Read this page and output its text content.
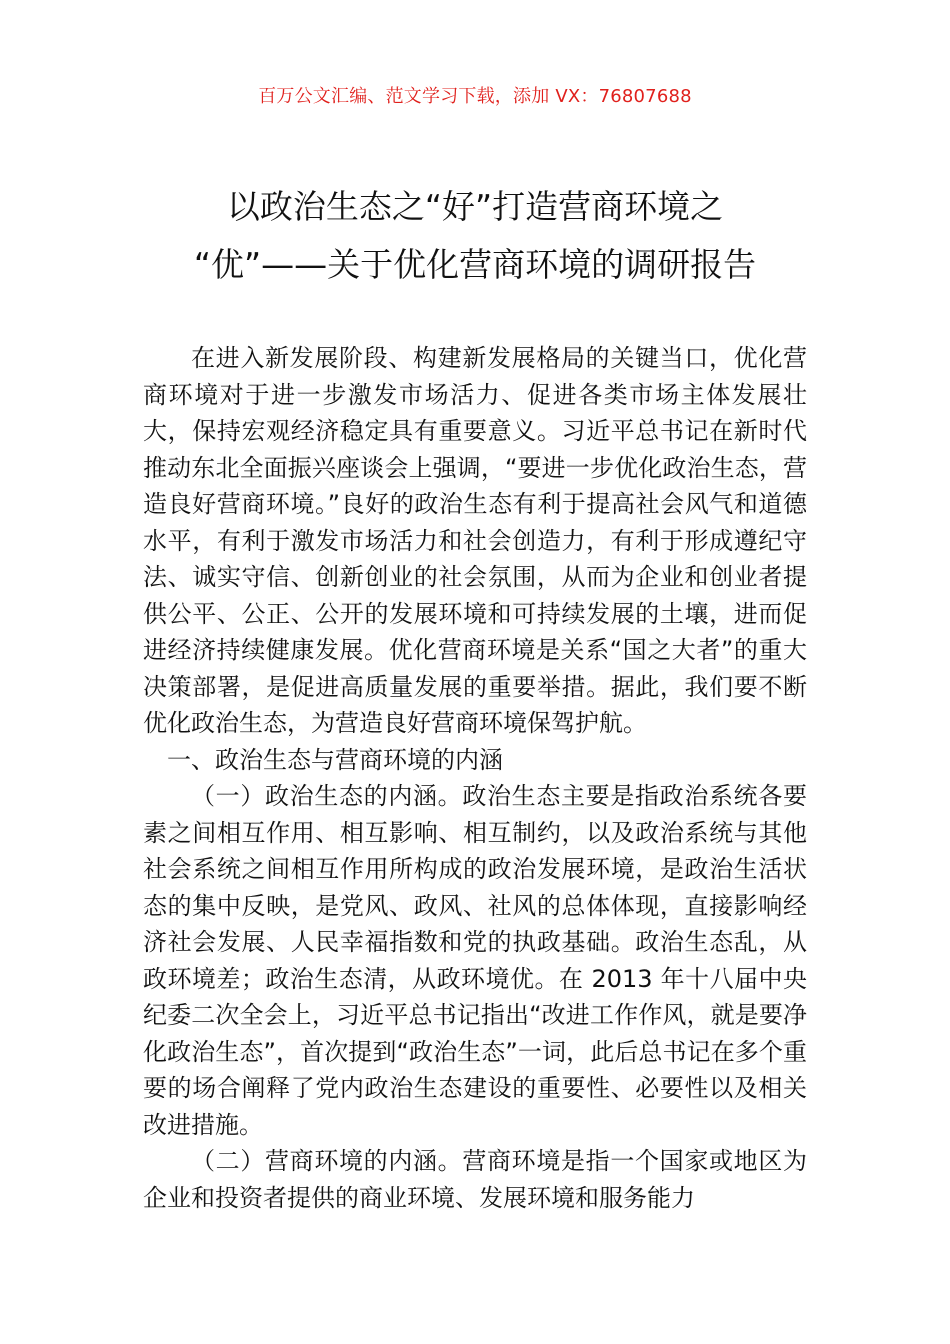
百万公文汇编、范文学习下载，添加 VX：76807688
以政治生态之“好”打造营商环境之
“优”——关于优化营商环境的调研报告

在进入新发展阶段、构建新发展格局的关键当口，优化营商环境对于进一步激发市场活力、促进各类市场主体发展壮大，保持宏观经济稳定具有重要意义。习近平总书记在新时代推动东北全面振兴座谈会上强调，“要进一步优化政治生态，营造良好营商环境。”良好的政治生态有利于提高社会风气和道德水平，有利于激发市场活力和社会创造力，有利于形成遵纪守法、诚实守信、创新创业的社会氛围，从而为企业和创业者提供公平、公正、公开的发展环境和可持续发展的土壤，进而促进经济持续健康发展。优化营商环境是关系“国之大者”的重大决策部署，是促进高质量发展的重要举措。据此，我们要不断优化政治生态，为营造良好营商环境保驾护航。

一、政治生态与营商环境的内涵

（一）政治生态的内涵。政治生态主要是指政治系统各要素之间相互作用、相互影响、相互制约，以及政治系统与其他社会系统之间相互作用所构成的政治发展环境，是政治生活状态的集中反映，是党风、政风、社风的总体体现，直接影响经济社会发展、人民幸福指数和党的执政基础。政治生态乱，从政环境差；政治生态清，从政环境优。在 2013 年十八届中央纪委二次全会上，习近平总书记指出“改进工作作风，就是要净化政治生态”，首次提到“政治生态”一词，此后总书记在多个重要的场合阐释了党内政治生态建设的重要性、必要性以及相关改进措施。

（二）营商环境的内涵。营商环境是指一个国家或地区为企业和投资者提供的商业环境、发展环境和服务能力
